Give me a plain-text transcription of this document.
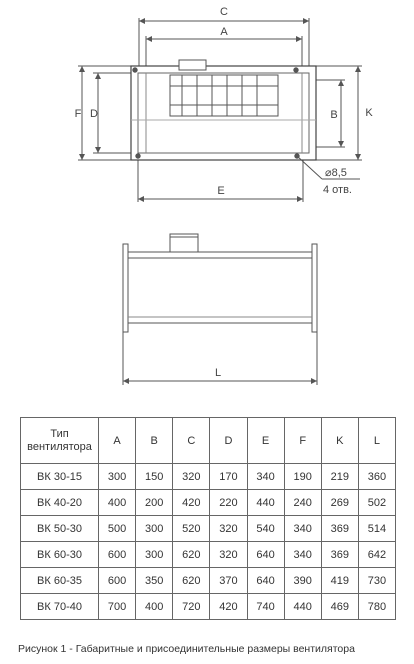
C
A
F D	B	K
E
⌀8,5
4 отв.
L
Тип вентилятора	A	B	C	D	E	F	K	L
ВК 30-15	300	150	320	170	340	190	219	360
ВК 40-20	400	200	420	220	440	240	269	502
ВК 50-30	500	300	520	320	540	340	369	514
ВК 60-30	600	300	620	320	640	340	369	642
ВК 60-35	600	350	620	370	640	390	419	730
ВК 70-40	700	400	720	420	740	440	469	780
Рисунок 1 - Габаритные и присоединительные размеры вентилятора
